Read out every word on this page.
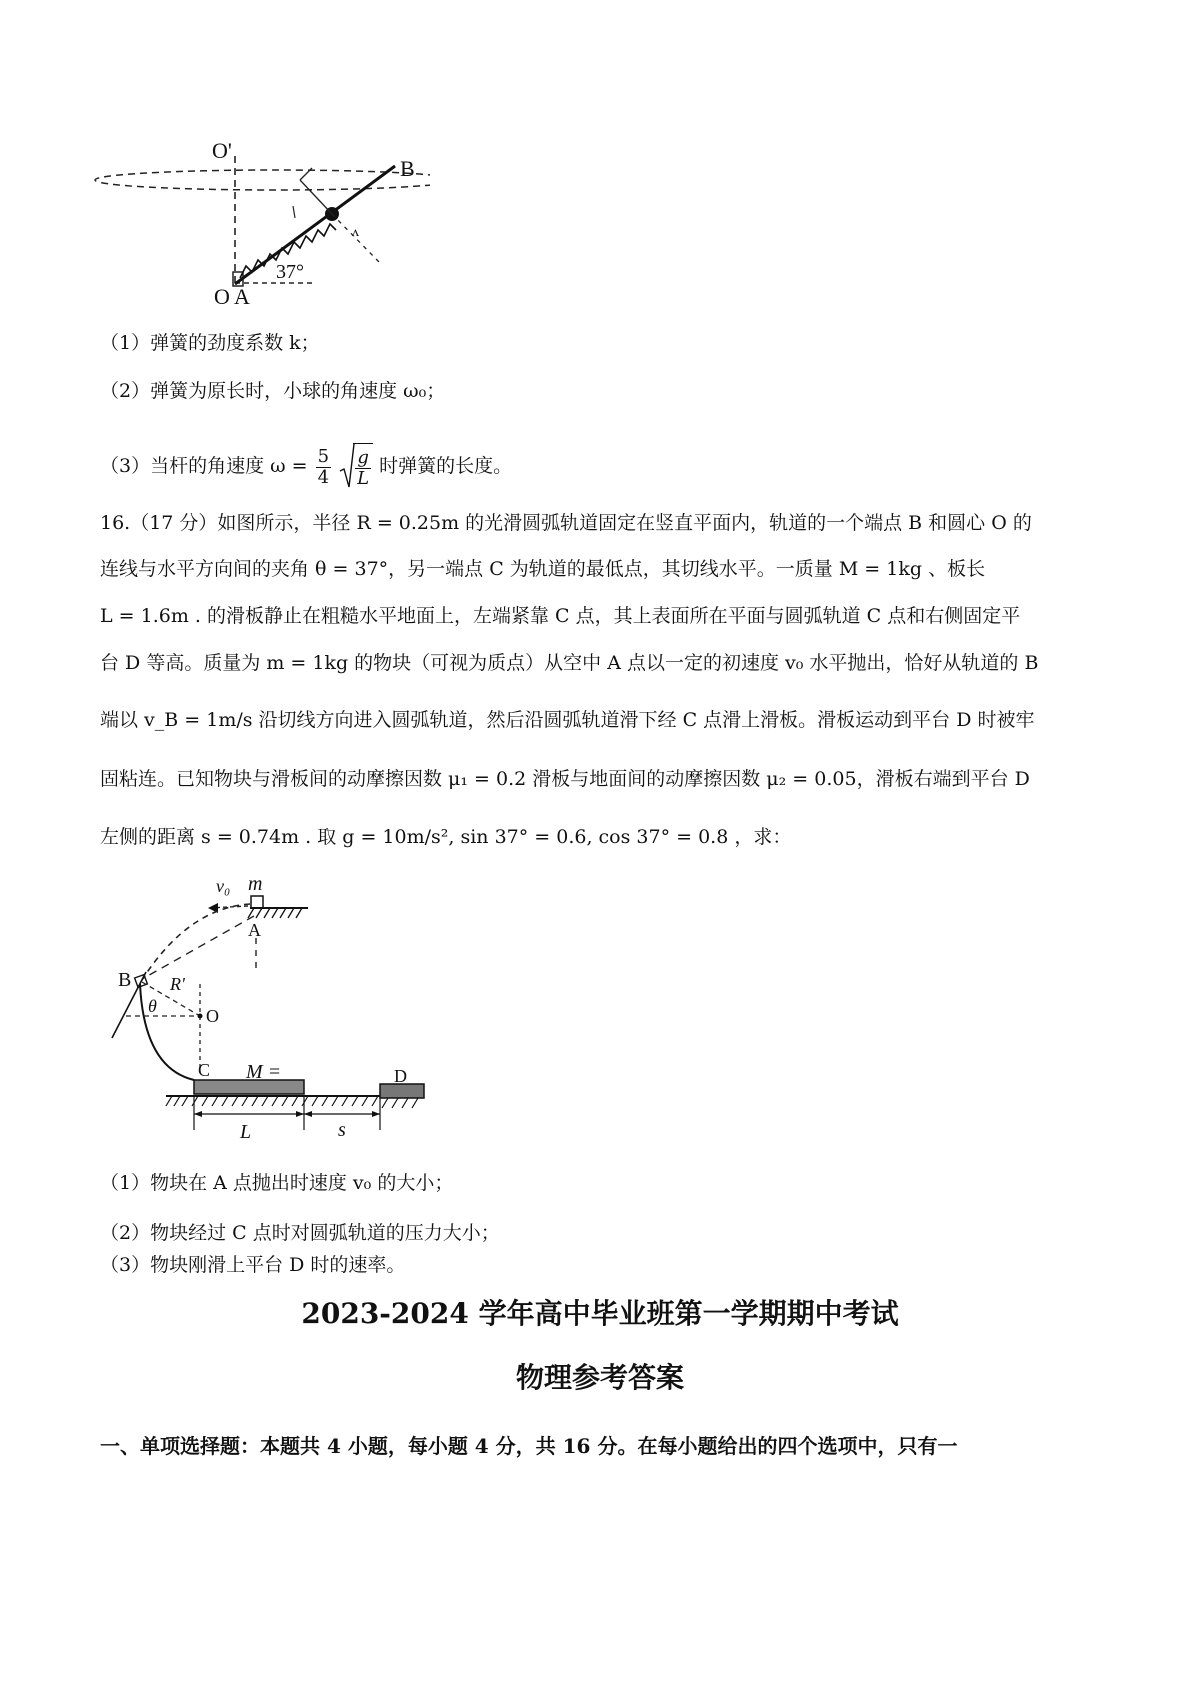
O'
B
37°
O A
ʌ
（1）弹簧的劲度系数 k；
（2）弹簧为原长时，小球的角速度 ω₀；
（3）当杆的角速度 $\omega = \frac{5}{4}$
$\frac{g}{L}$ 时弹簧的长度。
16.（17 分）如图所示，半径 R = 0.25m 的光滑圆弧轨道固定在竖直平面内，轨道的一个端点 B 和圆心 O 的
连线与水平方向间的夹角 θ = 37°，另一端点 C 为轨道的最低点，其切线水平。一质量 M = 1kg 、板长
L = 1.6m . 的滑板静止在粗糙水平地面上，左端紧靠 C 点，其上表面所在平面与圆弧轨道 C 点和右侧固定平
台 D 等高。质量为 m = 1kg 的物块（可视为质点）从空中 A 点以一定的初速度 v₀ 水平抛出，恰好从轨道的 B
端以 v_B = 1m/s 沿切线方向进入圆弧轨道，然后沿圆弧轨道滑下经 C 点滑上滑板。滑板运动到平台 D 时被牢
固粘连。已知物块与滑板间的动摩擦因数 μ₁ = 0.2 滑板与地面间的动摩擦因数 μ₂ = 0.05，滑板右端到平台 D
左侧的距离 s = 0.74m . 取 g = 10m/s², sin 37° = 0.6, cos 37° = 0.8 ，求：
v₀ m
A
B R'
θ	O
C M =	D
L	s
（1）物块在 A 点抛出时速度 v₀ 的大小；
（2）物块经过 C 点时对圆弧轨道的压力大小；
（3）物块刚滑上平台 D 时的速率。
2023-2024 学年高中毕业班第一学期期中考试
物理参考答案
一、单项选择题：本题共 4 小题，每小题 4 分，共 16 分。在每小题给出的四个选项中，只有一
